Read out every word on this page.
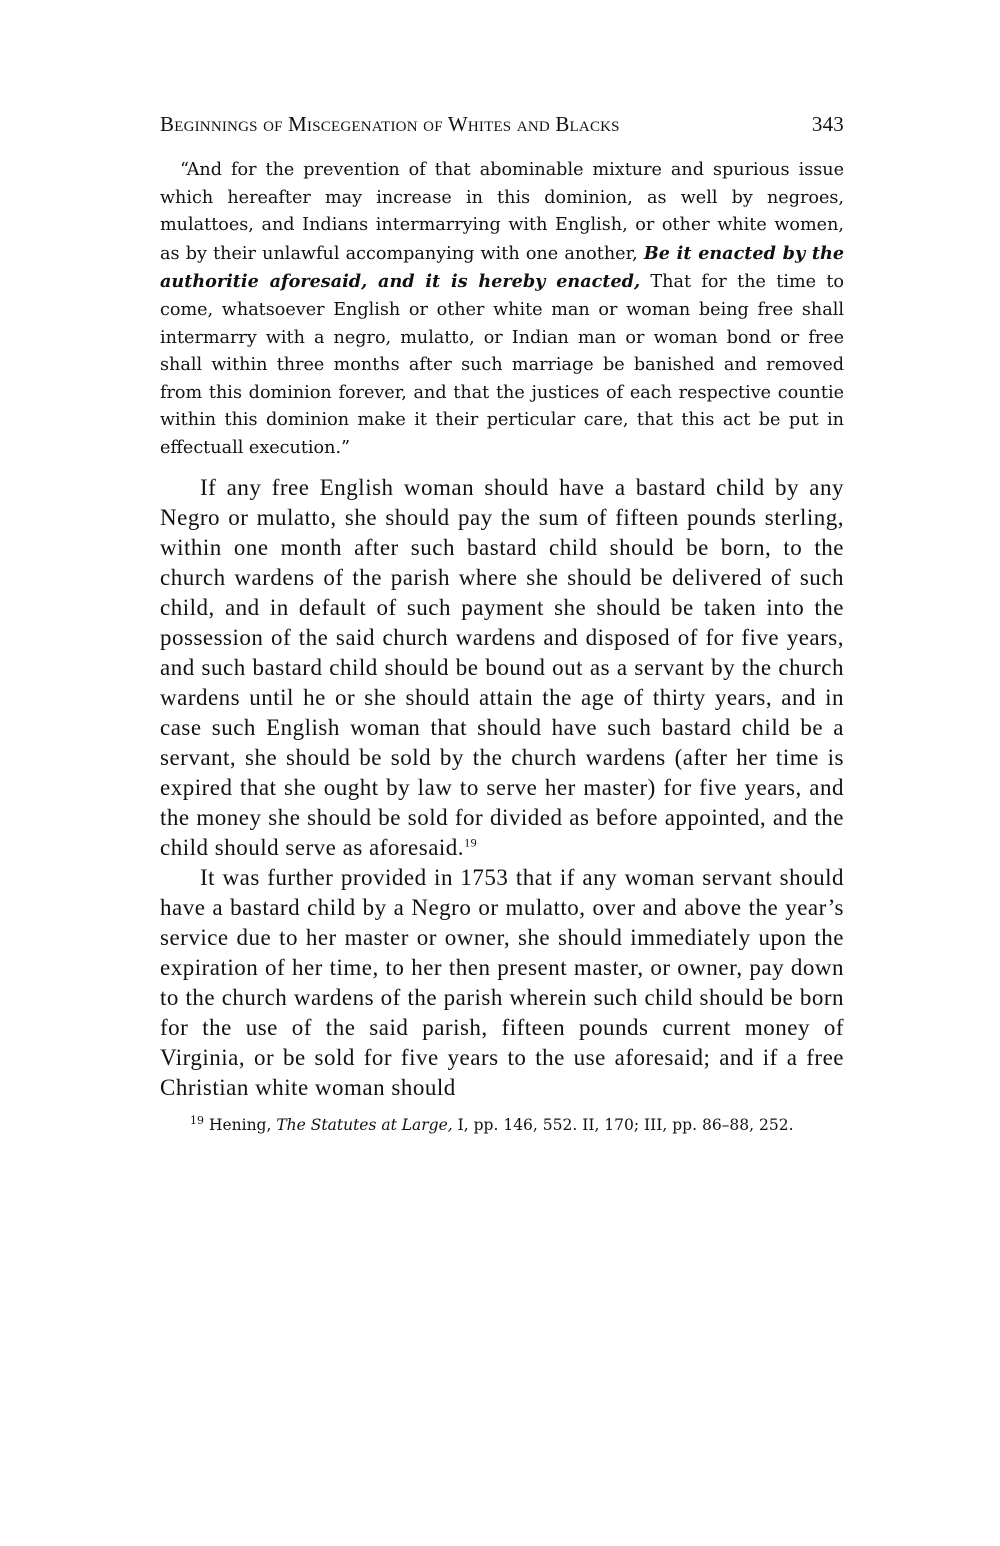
Beginnings of Miscegenation of Whites and Blacks	343

“And for the prevention of that abominable mixture and spurious issue which hereafter may increase in this dominion, as well by negroes, mulattoes, and Indians intermarrying with English, or other white women, as by their unlawful accompanying with one another, Be it enacted by the authoritie aforesaid, and it is hereby enacted, That for the time to come, whatsoever English or other white man or woman being free shall intermarry with a negro, mulatto, or Indian man or woman bond or free shall within three months after such marriage be banished and removed from this dominion forever, and that the justices of each respective countie within this dominion make it their perticular care, that this act be put in effectuall execution.”

If any free English woman should have a bastard child by any Negro or mulatto, she should pay the sum of fifteen pounds sterling, within one month after such bastard child should be born, to the church wardens of the parish where she should be delivered of such child, and in default of such payment she should be taken into the possession of the said church wardens and disposed of for five years, and such bastard child should be bound out as a servant by the church wardens until he or she should attain the age of thirty years, and in case such English woman that should have such bastard child be a servant, she should be sold by the church wardens (after her time is expired that she ought by law to serve her master) for five years, and the money she should be sold for divided as before appointed, and the child should serve as aforesaid.$^{19}$

It was further provided in 1753 that if any woman servant should have a bastard child by a Negro or mulatto, over and above the year’s service due to her master or owner, she should immediately upon the expiration of her time, to her then present master, or owner, pay down to the church wardens of the parish wherein such child should be born for the use of the said parish, fifteen pounds current money of Virginia, or be sold for five years to the use aforesaid; and if a free Christian white woman should

$^{19}$ Hening, The Statutes at Large, I, pp. 146, 552. II, 170; III, pp. 86–88, 252.
